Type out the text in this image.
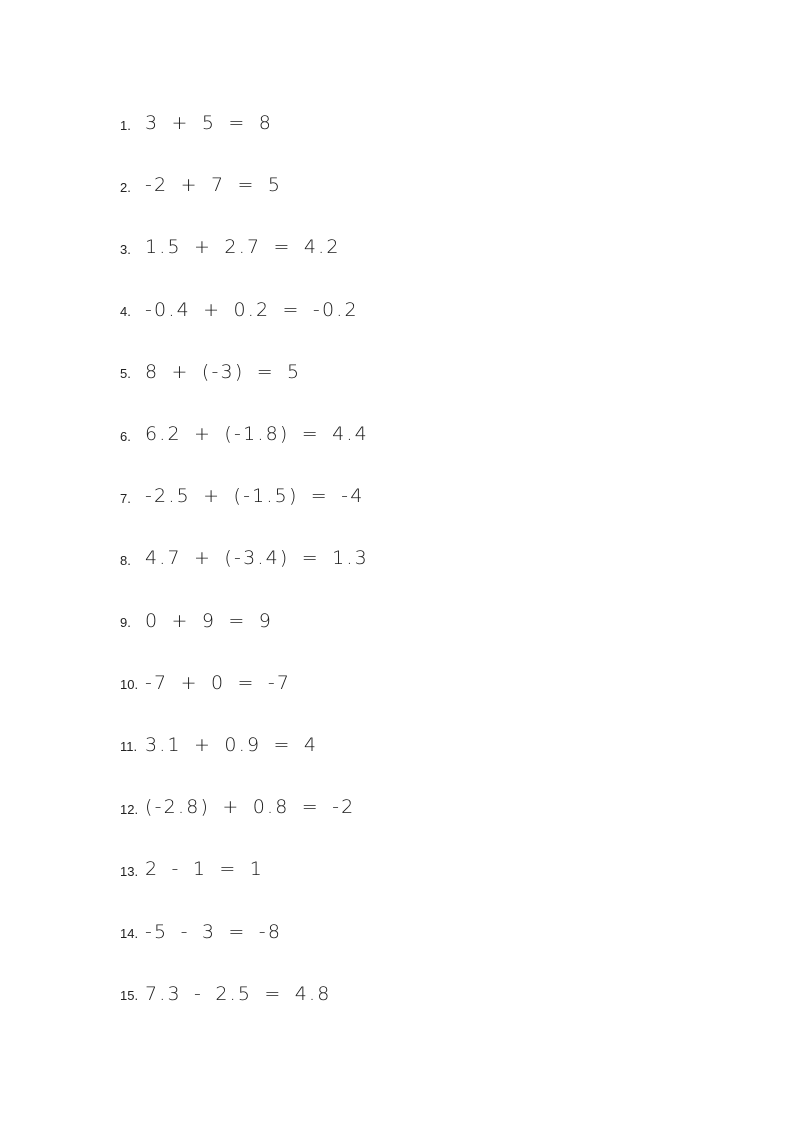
1. 3 + 5 = 8
2. -2 + 7 = 5
3. 1.5 + 2.7 = 4.2
4. -0.4 + 0.2 = -0.2
5. 8 + (-3) = 5
6. 6.2 + (-1.8) = 4.4
7. -2.5 + (-1.5) = -4
8. 4.7 + (-3.4) = 1.3
9. 0 + 9 = 9
10. -7 + 0 = -7
11. 3.1 + 0.9 = 4
12. (-2.8) + 0.8 = -2
13. 2 - 1 = 1
14. -5 - 3 = -8
15. 7.3 - 2.5 = 4.8
